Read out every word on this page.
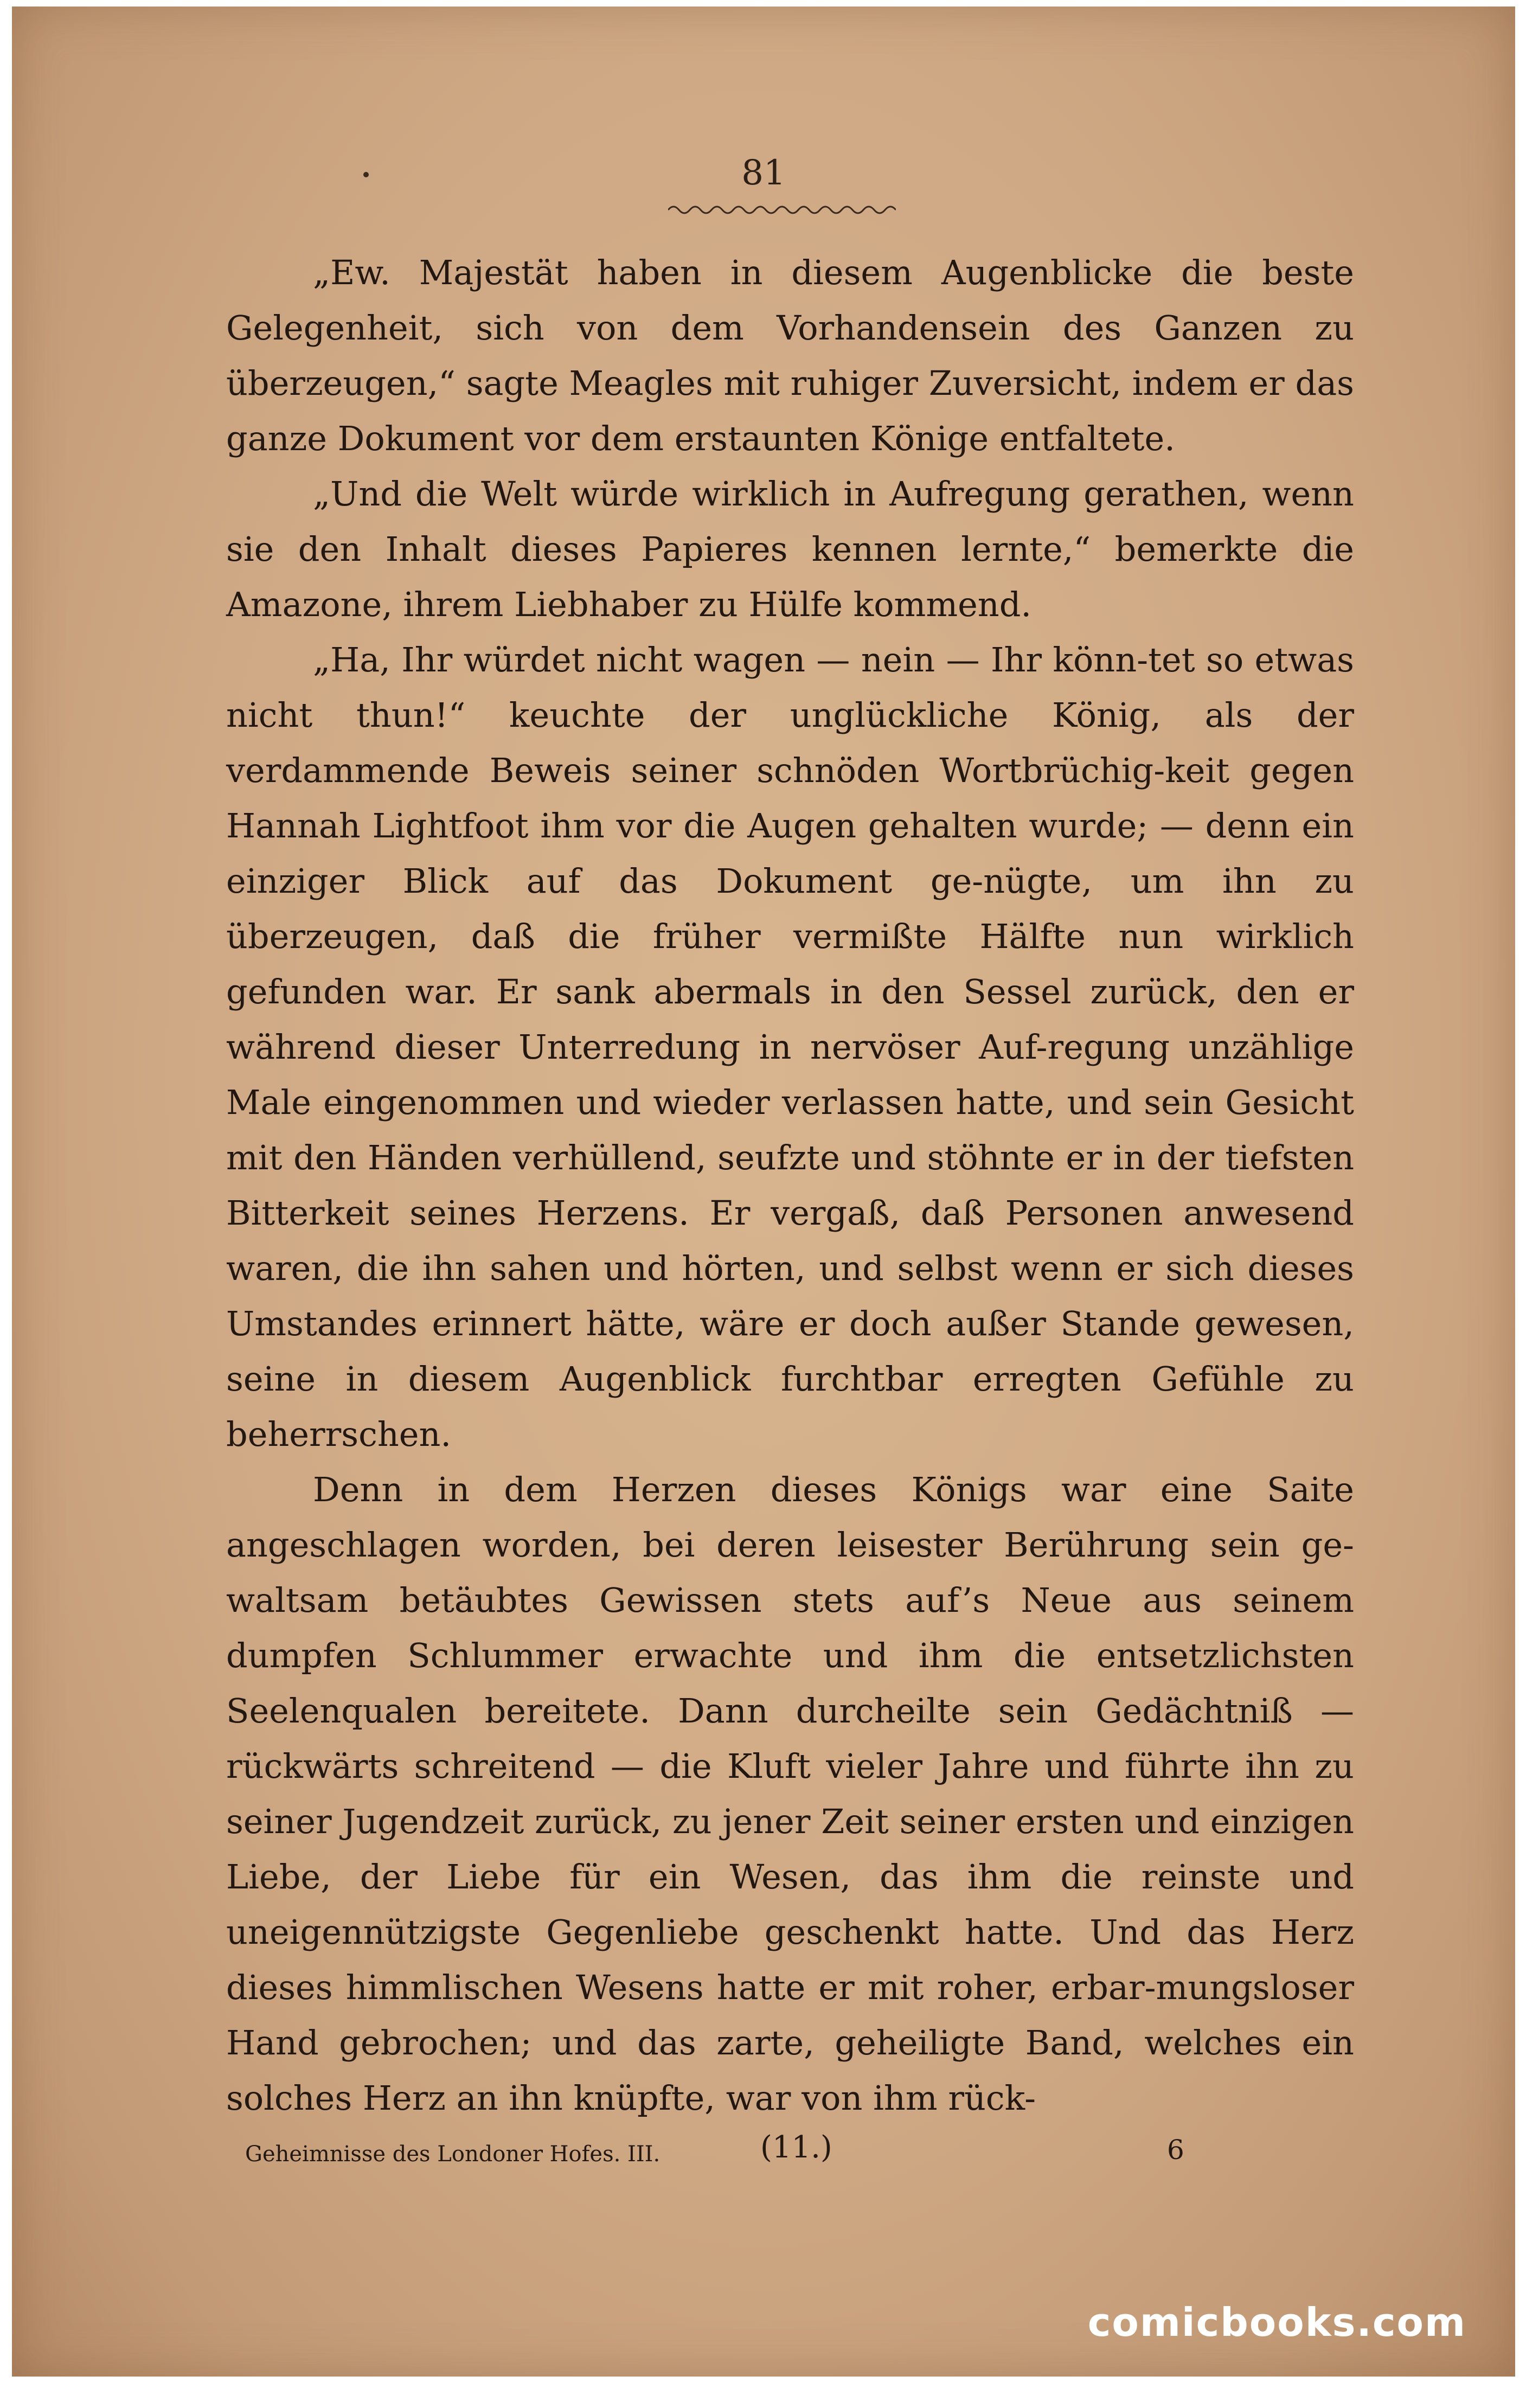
81

„Ew. Majestät haben in diesem Augenblicke die beste Gelegenheit, sich von dem Vorhandensein des Ganzen zu überzeugen,“ sagte Meagles mit ruhiger Zuversicht, indem er das ganze Dokument vor dem erstaunten Könige entfaltete.

„Und die Welt würde wirklich in Aufregung gerathen, wenn sie den Inhalt dieses Papieres kennen lernte,“ bemerkte die Amazone, ihrem Liebhaber zu Hülfe kommend.

„Ha, Ihr würdet nicht wagen — nein — Ihr könn-tet so etwas nicht thun!“ keuchte der unglückliche König, als der verdammende Beweis seiner schnöden Wortbrüchig-keit gegen Hannah Lightfoot ihm vor die Augen gehalten wurde; — denn ein einziger Blick auf das Dokument ge-nügte, um ihn zu überzeugen, daß die früher vermißte Hälfte nun wirklich gefunden war. Er sank abermals in den Sessel zurück, den er während dieser Unterredung in nervöser Auf-regung unzählige Male eingenommen und wieder verlassen hatte, und sein Gesicht mit den Händen verhüllend, seufzte und stöhnte er in der tiefsten Bitterkeit seines Herzens. Er vergaß, daß Personen anwesend waren, die ihn sahen und hörten, und selbst wenn er sich dieses Umstandes erinnert hätte, wäre er doch außer Stande gewesen, seine in diesem Augenblick furchtbar erregten Gefühle zu beherrschen.

Denn in dem Herzen dieses Königs war eine Saite angeschlagen worden, bei deren leisester Berührung sein ge-waltsam betäubtes Gewissen stets auf’s Neue aus seinem dumpfen Schlummer erwachte und ihm die entsetzlichsten Seelenqualen bereitete. Dann durcheilte sein Gedächtniß — rückwärts schreitend — die Kluft vieler Jahre und führte ihn zu seiner Jugendzeit zurück, zu jener Zeit seiner ersten und einzigen Liebe, der Liebe für ein Wesen, das ihm die reinste und uneigennützigste Gegenliebe geschenkt hatte. Und das Herz dieses himmlischen Wesens hatte er mit roher, erbar-mungsloser Hand gebrochen; und das zarte, geheiligte Band, welches ein solches Herz an ihn knüpfte, war von ihm rück-

Geheimnisse des Londoner Hofes. III.	(11.)	6
comicbooks.com
